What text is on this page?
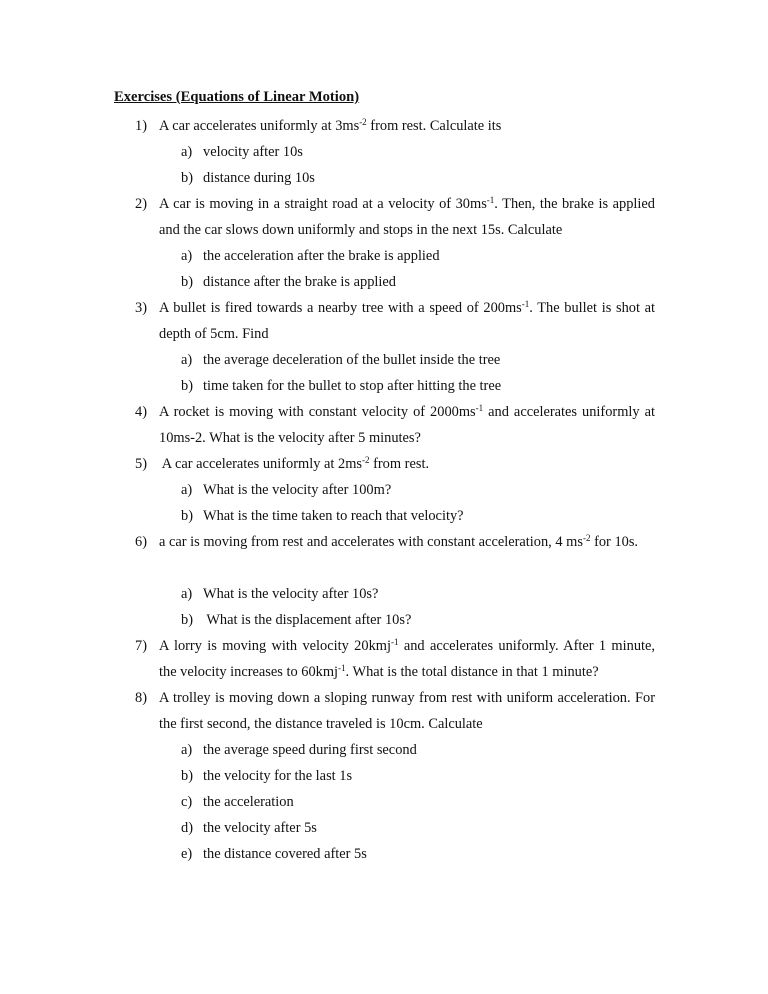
Exercises (Equations of Linear Motion)
1) A car accelerates uniformly at $3ms^{-2}$ from rest. Calculate its
a) velocity after 10s
b) distance during 10s
2) A car is moving in a straight road at a velocity of $30ms^{-1}$. Then, the brake is applied and the car slows down uniformly and stops in the next 15s. Calculate
a) the acceleration after the brake is applied
b) distance after the brake is applied
3) A bullet is fired towards a nearby tree with a speed of $200ms^{-1}$. The bullet is shot at depth of 5cm. Find
a) the average deceleration of the bullet inside the tree
b) time taken for the bullet to stop after hitting the tree
4) A rocket is moving with constant velocity of $2000ms^{-1}$ and accelerates uniformly at 10ms-2. What is the velocity after 5 minutes?
5) A car accelerates uniformly at $2ms^{-2}$ from rest.
a) What is the velocity after 100m?
b) What is the time taken to reach that velocity?
6) a car is moving from rest and accelerates with constant acceleration, 4 $ms^{-2}$ for 10s.
a) What is the velocity after 10s?
b) What is the displacement after 10s?
7) A lorry is moving with velocity 20kmj$^{-1}$ and accelerates uniformly. After 1 minute, the velocity increases to 60kmj$^{-1}$. What is the total distance in that 1 minute?
8) A trolley is moving down a sloping runway from rest with uniform acceleration. For the first second, the distance traveled is 10cm. Calculate
a) the average speed during first second
b) the velocity for the last 1s
c) the acceleration
d) the velocity after 5s
e) the distance covered after 5s
